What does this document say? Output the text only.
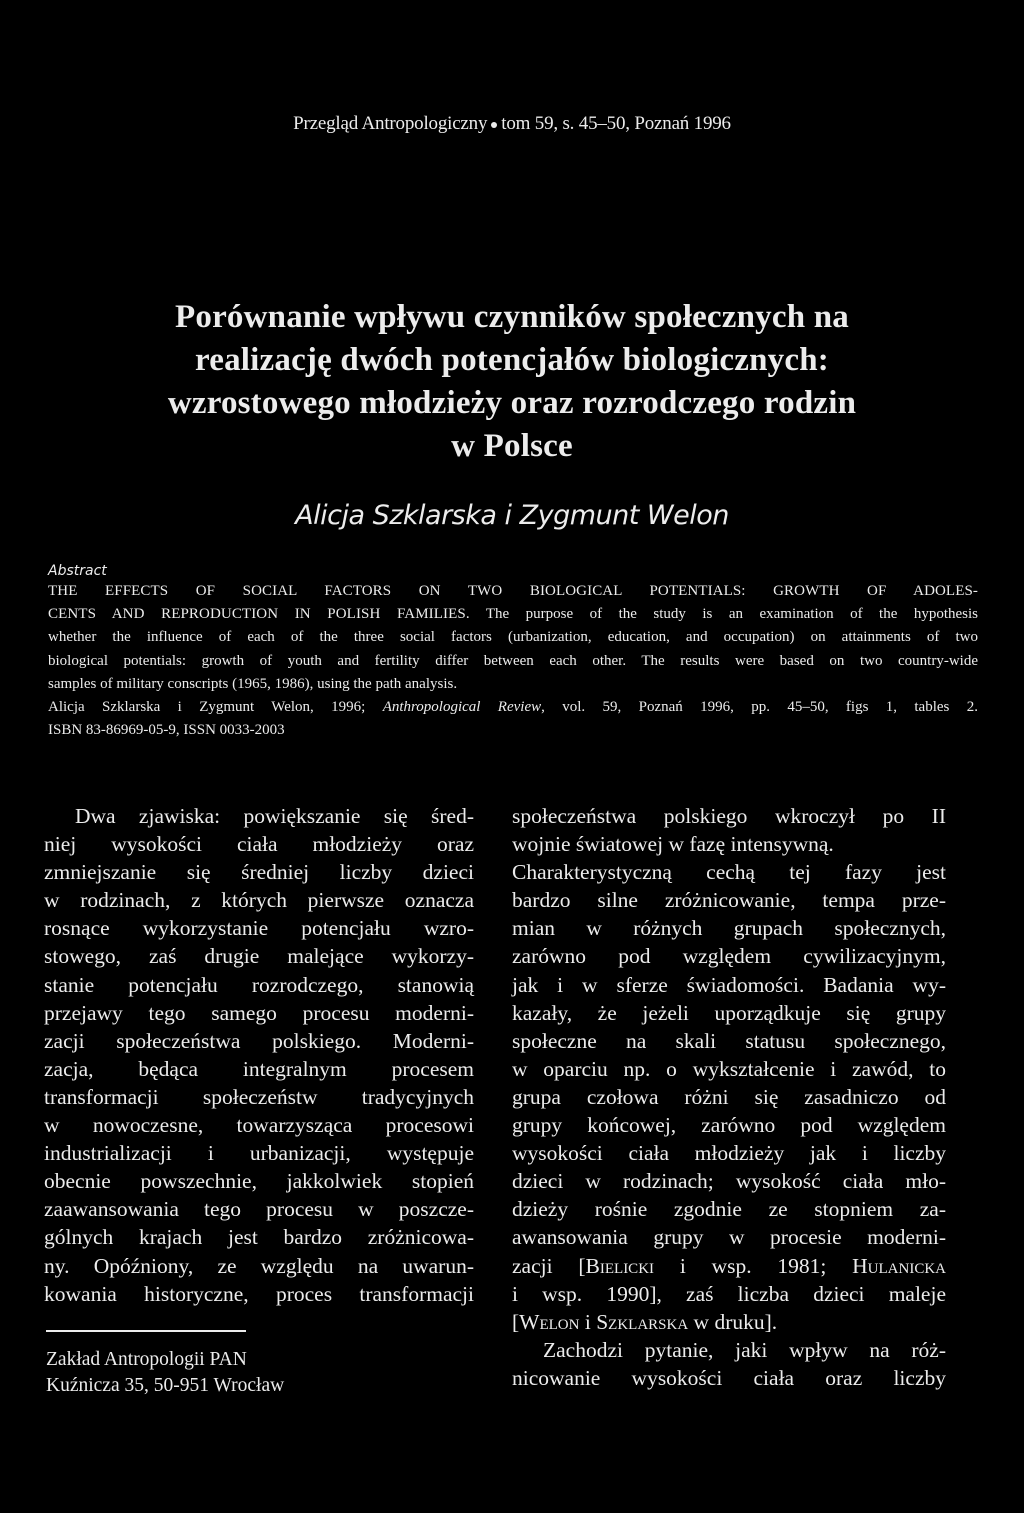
Przegląd Antropologiczny tom 59, s. 45–50, Poznań 1996
Porównanie wpływu czynników społecznych na
realizację dwóch potencjałów biologicznych:
wzrostowego młodzieży oraz rozrodczego rodzin
w Polsce
Alicja Szklarska i Zygmunt Welon
Abstract
THE EFFECTS OF SOCIAL FACTORS ON TWO BIOLOGICAL POTENTIALS: GROWTH OF ADOLES-
CENTS AND REPRODUCTION IN POLISH FAMILIES. The purpose of the study is an examination of the hypothesis
whether the influence of each of the three social factors (urbanization, education, and occupation) on attainments of two
biological potentials: growth of youth and fertility differ between each other. The results were based on two country-wide
samples of military conscripts (1965, 1986), using the path analysis.
Alicja Szklarska i Zygmunt Welon, 1996; Anthropological Review, vol. 59, Poznań 1996, pp. 45–50, figs 1, tables 2.
ISBN 83-86969-05-9, ISSN 0033-2003
Dwa zjawiska: powiększanie się śred-
niej wysokości ciała młodzieży oraz
zmniejszanie się średniej liczby dzieci
w rodzinach, z których pierwsze oznacza
rosnące wykorzystanie potencjału wzro-
stowego, zaś drugie malejące wykorzy-
stanie potencjału rozrodczego, stanowią
przejawy tego samego procesu moderni-
zacji społeczeństwa polskiego. Moderni-
zacja, będąca integralnym procesem
transformacji społeczeństw tradycyjnych
w nowoczesne, towarzysząca procesowi
industrializacji i urbanizacji, występuje
obecnie powszechnie, jakkolwiek stopień
zaawansowania tego procesu w poszcze-
gólnych krajach jest bardzo zróżnicowa-
ny. Opóźniony, ze względu na uwarun-
kowania historyczne, proces transformacji
społeczeństwa polskiego wkroczył po II
wojnie światowej w fazę intensywną.
Charakterystyczną cechą tej fazy jest
bardzo silne zróżnicowanie, tempa prze-
mian w różnych grupach społecznych,
zarówno pod względem cywilizacyjnym,
jak i w sferze świadomości. Badania wy-
kazały, że jeżeli uporządkuje się grupy
społeczne na skali statusu społecznego,
w oparciu np. o wykształcenie i zawód, to
grupa czołowa różni się zasadniczo od
grupy końcowej, zarówno pod względem
wysokości ciała młodzieży jak i liczby
dzieci w rodzinach; wysokość ciała mło-
dzieży rośnie zgodnie ze stopniem za-
awansowania grupy w procesie moderni-
zacji [Bielicki i wsp. 1981; Hulanicka
i wsp. 1990], zaś liczba dzieci maleje
[Welon i Szklarska w druku].
Zachodzi pytanie, jaki wpływ na róż-
nicowanie wysokości ciała oraz liczby
Zakład Antropologii PAN
Kuźnicza 35, 50-951 Wrocław
